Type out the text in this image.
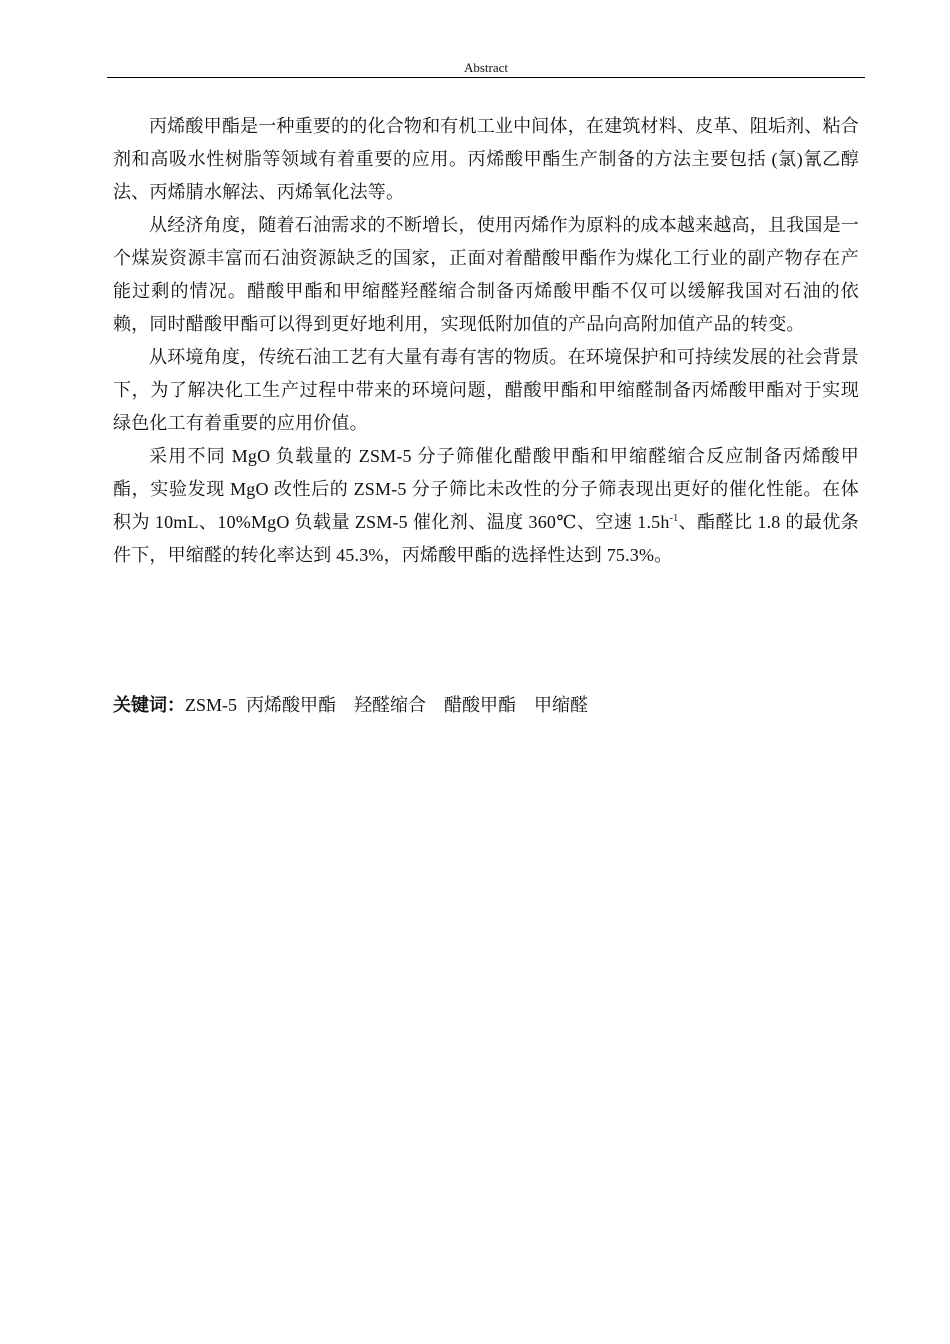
Abstract

丙烯酸甲酯是一种重要的的化合物和有机工业中间体，在建筑材料、皮革、阻垢剂、粘合剂和高吸水性树脂等领域有着重要的应用。丙烯酸甲酯生产制备的方法主要包括 (氯)氰乙醇法、丙烯腈水解法、丙烯氧化法等。

从经济角度，随着石油需求的不断增长，使用丙烯作为原料的成本越来越高，且我国是一个煤炭资源丰富而石油资源缺乏的国家，正面对着醋酸甲酯作为煤化工行业的副产物存在产能过剩的情况。醋酸甲酯和甲缩醛羟醛缩合制备丙烯酸甲酯不仅可以缓解我国对石油的依赖，同时醋酸甲酯可以得到更好地利用，实现低附加值的产品向高附加值产品的转变。

从环境角度，传统石油工艺有大量有毒有害的物质。在环境保护和可持续发展的社会背景下，为了解决化工生产过程中带来的环境问题，醋酸甲酯和甲缩醛制备丙烯酸甲酯对于实现绿色化工有着重要的应用价值。

采用不同 MgO 负载量的 ZSM-5 分子筛催化醋酸甲酯和甲缩醛缩合反应制备丙烯酸甲酯，实验发现 MgO 改性后的 ZSM-5 分子筛比未改性的分子筛表现出更好的催化性能。在体积为 10mL、10%MgO 负载量 ZSM-5 催化剂、温度 360℃、空速 $1.5h^{-1}$、酯醛比 1.8 的最优条件下，甲缩醛的转化率达到 45.3%，丙烯酸甲酯的选择性达到 75.3%。

关键词：ZSM-5  丙烯酸甲酯    羟醛缩合    醋酸甲酯    甲缩醛
